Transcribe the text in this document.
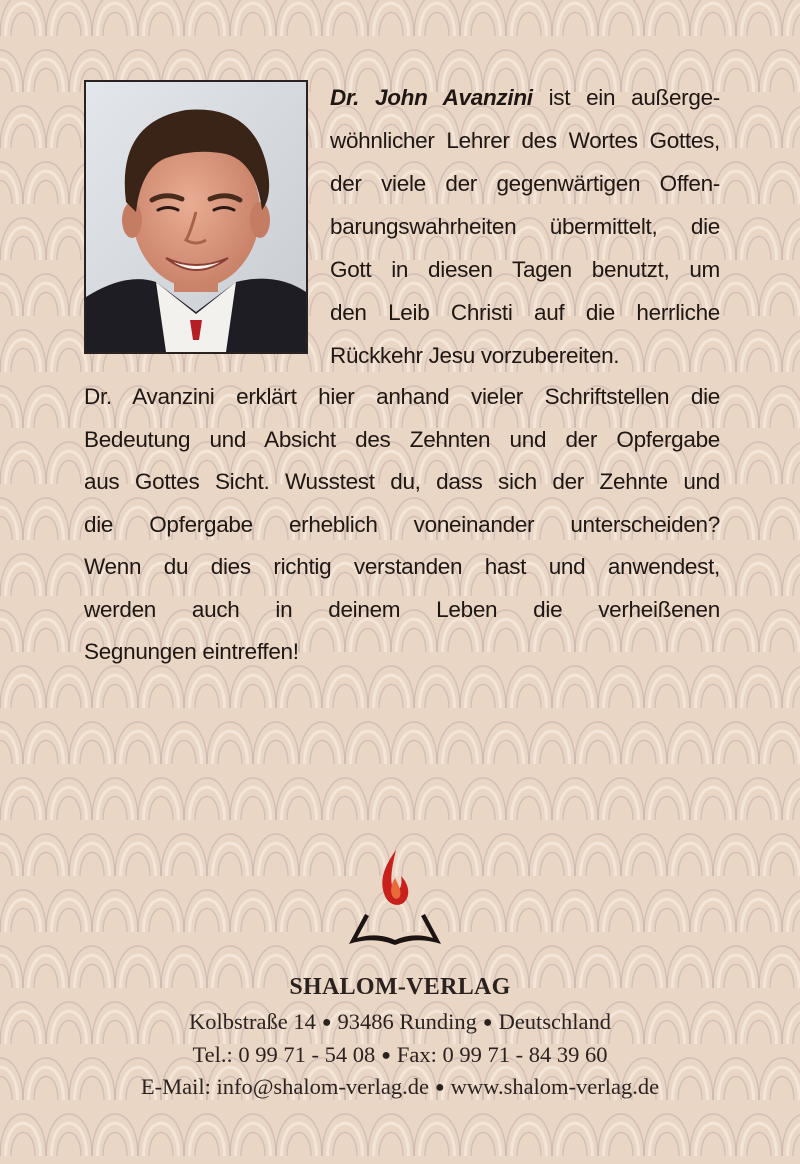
Dr. John Avanzini ist ein außerge-
wöhnlicher Lehrer des Wortes Gottes,
der viele der gegenwärtigen Offen-
barungswahrheiten übermittelt, die
Gott in diesen Tagen benutzt, um
den Leib Christi auf die herrliche
Rückkehr Jesu vorzubereiten.
Dr. Avanzini erklärt hier anhand vieler Schriftstellen die
Bedeutung und Absicht des Zehnten und der Opfergabe
aus Gottes Sicht. Wusstest du, dass sich der Zehnte und
die Opfergabe erheblich voneinander unterscheiden?
Wenn du dies richtig verstanden hast und anwendest,
werden auch in deinem Leben die verheißenen
Segnungen eintreffen!
SHALOM-VERLAG
Kolbstraße 14 ● 93486 Runding ● Deutschland
Tel.: 0 99 71 - 54 08 ● Fax: 0 99 71 - 84 39 60
E-Mail: info@shalom-verlag.de ● www.shalom-verlag.de
